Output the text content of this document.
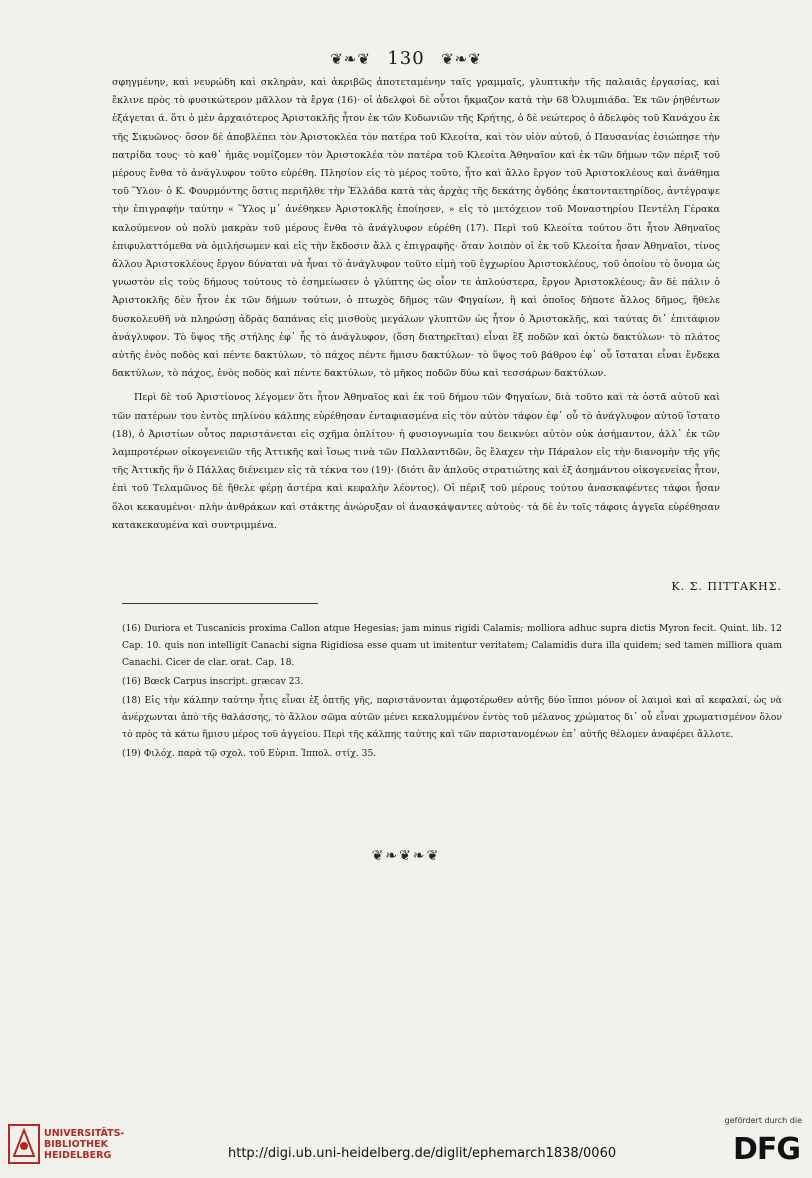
❦❧❦ 130 ❦❧❦

σφηγμένην, καὶ νευρώδη καὶ σκληρὰν, καὶ ἀκριβῶς ἀποτεταμένην ταῖς γραμμαῖς, γλυπτικὴν τῆς παλαιᾶς ἐργασίας, καὶ ἔκλινε πρὸς τὸ φυσικώτερον μᾶλλον τὰ ἔργα (16)· οἱ ἀδελφοὶ δὲ οὗτοι ἤκμαζον κατὰ τὴν 68 Ὀλυμπιάδα. Ἐκ τῶν ῥηθέντων ἐξάγεται ά. ὅτι ὁ μὲν ἀρχαιότερος Ἀριστοκλῆς ἦτον ἐκ τῶν Κυδωνιῶν τῆς Κρήτης, ὁ δὲ νεώτερος ὁ ἀδελφὸς τοῦ Κανάχου ἐκ τῆς Σικυῶνος· ὅσον δὲ ἀποβλέπει τὸν Ἀριστοκλέα τὸν πατέρα τοῦ Κλεοίτα, καὶ τὸν υἱὸν αὐτοῦ, ὁ Παυσανίας ἐσιώπησε τὴν πατρίδα τους· τὸ καθ᾽ ἡμᾶς νομίζομεν τὸν Ἀριστοκλέα τὸν πατέρα τοῦ Κλεοίτα Ἀθηναῖον καὶ ἐκ τῶν δήμων τῶν πέριξ τοῦ μέρους ἔνθα τὸ ἀνάγλυφον τοῦτο εὑρέθη. Πλησίον εἰς τὸ μέρος τοῦτο, ἦτο καὶ ἄλλο ἔργον τοῦ Ἀριστοκλέους καὶ ἀνάθημα τοῦ Ὕλου· ὁ Κ. Φουρμόντης ὅστις περιῆλθε τὴν Ἑλλάδα κατὰ τὰς ἀρχὰς τῆς δεκάτης ὀγδόης ἑκατονταετηρίδος, ἀντέγραψε τὴν ἐπιγραφὴν ταύτην « Ὕλος μ᾽ ἀνέθηκεν Ἀριστοκλῆς ἐποίησεν, » εἰς τὸ μετόχειον τοῦ Μοναστηρίου Πεντέλη Γέρακα καλούμενον οὐ πολὺ μακρὰν τοῦ μέρους ἔνθα τὸ ἀνάγλυφον εὑρέθη (17). Περὶ τοῦ Κλεοίτα τούτου ὅτι ἦτον Ἀθηναῖος ἐπιφυλαττόμεθα νὰ ὁμιλήσωμεν καὶ εἰς τὴν ἔκδοσιν ἄλλ ς ἐπιγραφῆς· ὅταν λοιπὸν οἱ ἐκ τοῦ Κλεοίτα ἦσαν Ἀθηναῖοι, τίνος ἄλλου Ἀριστοκλέους ἔργον δύναται νὰ ἦναι τὸ ἀνάγλυφον τοῦτο εἰμὴ τοῦ ἐγχωρίου Ἀριστοκλέους, τοῦ ὁποίου τὸ ὄνομα ὡς γνωστὸν εἰς τοὺς δήμους τούτους τὸ ἐσημείωσεν ὁ γλύπτης ὡς οἷον τε ἁπλούστερα, ἔργον Ἀριστοκλέους; ἂν δὲ πάλιν ὁ Ἀριστοκλῆς δὲν ἦτον ἐκ τῶν δήμων τούτων, ὁ πτωχὸς δῆμος τῶν Φηγαίων, ἢ καὶ ὁποῖος δήποτε ἄλλος δῆμος, ἤθελε δυσκολευθῆ νὰ πληρώσῃ ἀδρὰς δαπάνας εἰς μισθοὺς μεγάλων γλυπτῶν ὡς ἦτον ὁ Ἀριστοκλῆς, καὶ ταύτας δι᾽ ἐπιτάφιον ἀνάγλυφον. Τὸ ὕψος τῆς στήλης ἐφ᾽ ἧς τὸ ἀνάγλυφον, (ὅση διατηρεῖται) εἶναι ἓξ ποδῶν καὶ ὀκτὼ δακτύλων· τὸ πλάτος αὐτῆς ἑνὸς ποδὸς καὶ πέντε δακτύλων, τὸ πάχος πέντε ἥμισυ δακτύλων· τὸ ὕψος τοῦ βάθρου ἐφ᾽ οὗ ἵσταται εἶναι ἕνδεκα δακτύλων, τὸ πάχος, ἑνὸς ποδὸς καὶ πέντε δακτύλων, τὸ μῆκος ποδῶν δύω καὶ τεσσάρων δακτύλων.

Περὶ δὲ τοῦ Ἀριστίονος λέγομεν ὅτι ἦτον Ἀθηναῖος καὶ ἐκ τοῦ δήμου τῶν Φηγαίων, διὰ τοῦτο καὶ τὰ ὀστᾶ αὐτοῦ καὶ τῶν πατέρων του ἐντὸς πηλίνου κάλπης εὑρέθησαν ἐνταφιασμένα εἰς τὸν αὐτὸν τάφον ἐφ᾽ οὗ τὸ ἀνάγλυφον αὐτοῦ ἵστατο (18), ὁ Ἀριστίων οὗτος παριστάνεται εἰς σχῆμα ὁπλίτου· ἡ φυσιογνωμία του δεικνύει αὐτὸν οὐκ ἀσήμαντον, ἀλλ᾽ ἐκ τῶν λαμπροτέρων οἰκογενειῶν τῆς Ἀττικῆς καὶ ἴσως τινὰ τῶν Παλλαντιδῶν, ὃς ἔλαχεν τὴν Πάραλον εἰς τὴν διανομὴν τῆς γῆς τῆς Ἀττικῆς ἣν ὁ Πάλλας διένειμεν εἰς τὰ τέκνα του (19)· (διότι ἂν ἁπλοῦς στρατιώτης καὶ ἐξ ἀσημάντου οἰκογενείας ἦτον, ἐπὶ τοῦ Τελαμῶνος δὲ ἤθελε φέρῃ ἀστέρα καὶ κεφαλὴν λέοντος). Οἱ πέριξ τοῦ μέρους τούτου ἀνασκαφέντες τάφοι ἦσαν ὅλοι κεκαυμένοι· πλὴν ἀνθράκων καὶ στάκτης ἀνώρυξαν οἱ ἀνασκάψαντες αὐτούς· τὰ δὲ ἐν τοῖς τάφοις ἀγγεῖα εὑρέθησαν κατακεκαυμένα καὶ συντριμμένα.

Κ. Σ. ΠΙΤΤΑΚΗΣ.

(16) Duriora et Tuscanicis proxima Callon atque Hegesias; jam minus rigidi Calamis; molliora adhuc supra dictis Myron fecit. Quint. lib. 12 Cap. 10. quis non intelligit Canachi signa Rigidiosa esse quam ut imitentur veritatem; Calamidis dura illa quidem; sed tamen milliora quam Canachi. Cicer de clar. orat. Cap. 18.

(16) Bœck Carpus inscript. græcav 23.

(18) Εἰς τὴν κάλπην ταύτην ἦτις εἶναι ἐξ ὀπτῆς γῆς, παριστάνονται ἀμφοτέρωθεν αὐτῆς δύο ἵπποι μόνον οἱ λαιμοὶ καὶ αἱ κεφαλαί, ὡς νὰ ἀνέρχωνται ἀπὸ τῆς θαλάσσης, τὸ ἄλλον σῶμα αὐτῶν μένει κεκαλυμμένον ἐντὸς τοῦ μέλανος χρώματος δι᾽ οὗ εἶναι χρωματισμένον ὅλον τὸ πρὸς τὰ κάτω ἥμισυ μέρος τοῦ ἀγγείου. Περὶ τῆς κάλπης ταύτης καὶ τῶν παριστανομένων ἐπ᾽ αὐτῆς θέλομεν ἀναφέρει ἄλλοτε.

(19) Φιλόχ. παρὰ τῷ σχολ. τοῦ Εὐριπ. Ἱππολ. στίχ. 35.

❦❧❦❧❦
UNIVERSITÄTS-
BIBLIOTHEK
HEIDELBERG	http://digi.ub.uni-heidelberg.de/diglit/ephemarch1838/0060
gefördert durch die
DFG
